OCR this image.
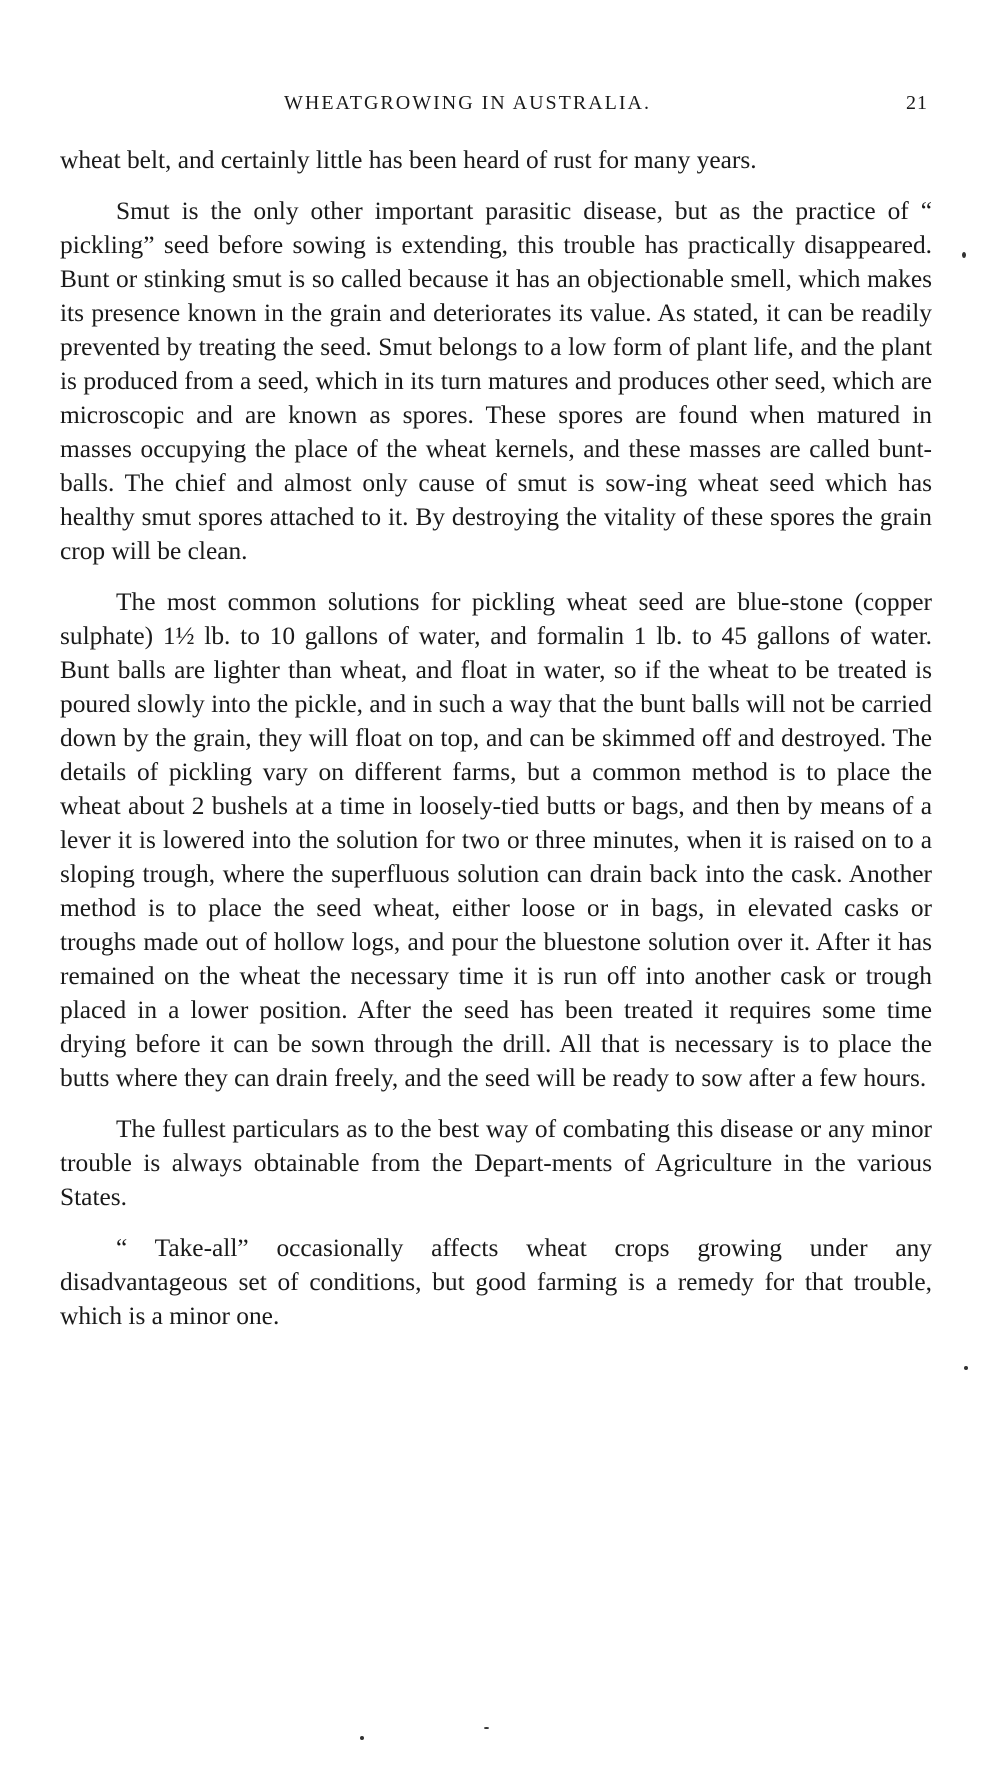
WHEATGROWING IN AUSTRALIA.	21

wheat belt, and certainly little has been heard of rust for many years.

Smut is the only other important parasitic disease, but as the practice of “ pickling” seed before sowing is extending, this trouble has practically disappeared. Bunt or stinking smut is so called because it has an objectionable smell, which makes its presence known in the grain and deteriorates its value. As stated, it can be readily prevented by treating the seed. Smut belongs to a low form of plant life, and the plant is produced from a seed, which in its turn matures and produces other seed, which are microscopic and are known as spores. These spores are found when matured in masses occupying the place of the wheat kernels, and these masses are called bunt-balls. The chief and almost only cause of smut is sow-ing wheat seed which has healthy smut spores attached to it. By destroying the vitality of these spores the grain crop will be clean.

The most common solutions for pickling wheat seed are blue-stone (copper sulphate) 1½ lb. to 10 gallons of water, and formalin 1 lb. to 45 gallons of water. Bunt balls are lighter than wheat, and float in water, so if the wheat to be treated is poured slowly into the pickle, and in such a way that the bunt balls will not be carried down by the grain, they will float on top, and can be skimmed off and destroyed. The details of pickling vary on different farms, but a common method is to place the wheat about 2 bushels at a time in loosely-tied butts or bags, and then by means of a lever it is lowered into the solution for two or three minutes, when it is raised on to a sloping trough, where the superfluous solution can drain back into the cask. Another method is to place the seed wheat, either loose or in bags, in elevated casks or troughs made out of hollow logs, and pour the bluestone solution over it. After it has remained on the wheat the necessary time it is run off into another cask or trough placed in a lower position. After the seed has been treated it requires some time drying before it can be sown through the drill. All that is necessary is to place the butts where they can drain freely, and the seed will be ready to sow after a few hours.

The fullest particulars as to the best way of combating this disease or any minor trouble is always obtainable from the Depart-ments of Agriculture in the various States.

“ Take-all” occasionally affects wheat crops growing under any disadvantageous set of conditions, but good farming is a remedy for that trouble, which is a minor one.
